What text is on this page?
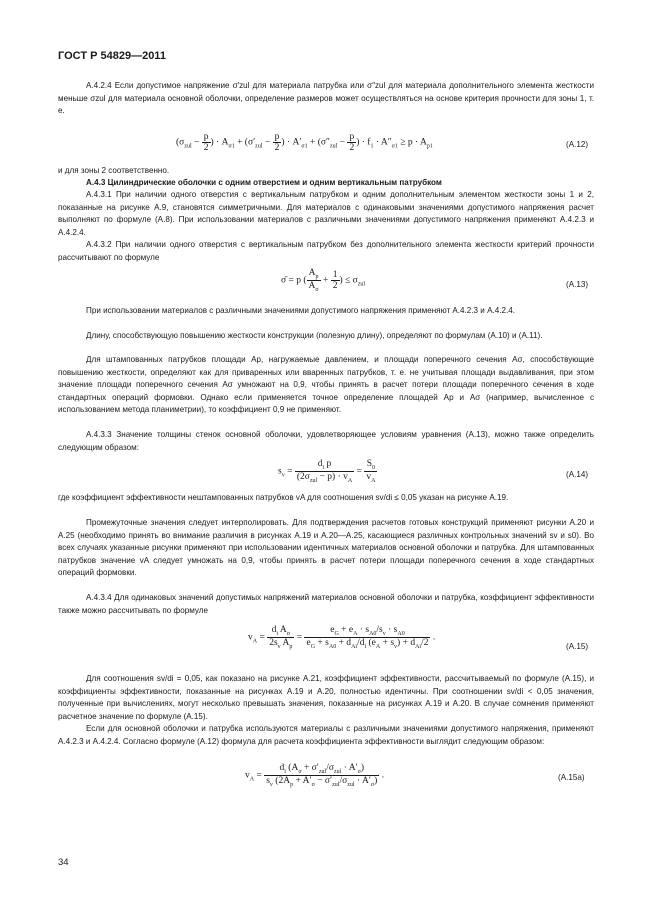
ГОСТ Р 54829—2011
А.4.2.4 Если допустимое напряжение σ′zul для материала патрубка или σ″zul для материала дополнительного элемента жесткости меньше σzul для материала основной оболочки, определение размеров может осуществляться на основе критерия прочности для зоны 1, т. е.
($\sigma_{zul} - \frac{p}{2}$ ) · $A_{\sigma 1} + (\sigma'_{zul} - \frac{p}{2}$ ) · $A'_{\sigma 1} + (\sigma''_{zul} - \frac{p}{2}$ ) · $f_1 \cdot A''_{\sigma 1} \ge p \cdot A_{p1}$	(А.12)
и для зоны 2 соответственно.
А.4.3 Цилиндрические оболочки с одним отверстием и одним вертикальным патрубком
А.4.3.1 При наличии одного отверстия с вертикальным патрубком и одним дополнительным элементом жесткости зоны 1 и 2, показанные на рисунке А.9, становятся симметричными. Для материалов с одинаковыми значениями допустимого напряжения расчет выполняют по формуле (А.8). При использовании материалов с различными значениями допустимого напряжения применяют А.4.2.3 и А.4.2.4.
А.4.3.2 При наличии одного отверстия с вертикальным патрубком без дополнительного элемента жесткости критерий прочности рассчитывают по формуле
σ̄ = p ( $\frac{A_p}{A_\sigma} + \frac{1}{2}$ ) ≤ $\sigma_{zul}$	(А.13)
При использовании материалов с различными значениями допустимого напряжения применяют А.4.2.3 и А.4.2.4.
Длину, способствующую повышению жесткости конструкции (полезную длину), определяют по формулам (А.10) и (А.11).
Для штампованных патрубков площади Ap, нагружаемые давлением, и площади поперечного сечения Aσ, способствующие повышению жесткости, определяют как для приваренных или вваренных патрубков, т. е. не учитывая площади выдавливания, при этом значение площади поперечного сечения Aσ умножают на 0,9, чтобы принять в расчет потери площади поперечного сечения в ходе стандартных операций формовки. Однако если применяется точное определение площадей Ap и Aσ (например, вычисленное с использованием метода планиметрии), то коэффициент 0,9 не применяют.
А.4.3.3 Значение толщины стенок основной оболочки, удовлетворяющее условиям уравнения (А.13), можно также определить следующим образом:
$s_v = \frac{d_i p}{(2\sigma_{zul} - p) \cdot v_A} = \frac{S_0}{v_A}$	(А.14)
где коэффициент эффективности нештампованных патрубков vA для соотношения sv/di ≤ 0,05 указан на рисунке А.19.
Промежуточные значения следует интерполировать. Для подтверждения расчетов готовых конструкций применяют рисунки А.20 и А.25 (необходимо принять во внимание различия в рисунках А.19 и А.20—А.25, касающиеся различных контрольных значений sv и s0). Во всех случаях указанные рисунки применяют при использовании идентичных материалов основной оболочки и патрубка. Для штампованных патрубков значение vA следует умножать на 0,9, чтобы принять в расчет потери площади поперечного сечения в ходе стандартных операций формовки.
А.4.3.4 Для одинаковых значений допустимых напряжений материалов основной оболочки и патрубка, коэффициент эффективности также можно рассчитывать по формуле
$v_A = \frac{d_i A_\sigma}{2s_v A_p} = \frac{e_G + e_A \cdot s_{A0}/s_v \cdot s_{A0}}{e_G + s_{A0} + d_{Ai}/d_i (e_A + s_v) + d_{Ai}/2}$ .
(А.15)
Для соотношения sv/di = 0,05, как показано на рисунке А.21, коэффициент эффективности, рассчитываемый по формуле (А.15), и коэффициенты эффективности, показанные на рисунках А.19 и А.20, полностью идентичны. При соотношении sv/di < 0,05 значения, полученные при вычислениях, могут несколько превышать значения, показанные на рисунках А.19 и А.20. В случае сомнения применяют расчетное значение по формуле (А.15).
Если для основной оболочки и патрубка используются материалы с различными значениями допустимого напряжения, применяют А.4.2.3 и А.4.2.4. Согласно формуле (А.12) формула для расчета коэффициента эффективности выглядит следующим образом:
$v_A = \frac{d_i (A_\sigma + \sigma'_{zul}/\sigma_{zul} \cdot A'_\sigma)}{s_v (2A_p + A'_\sigma - \sigma'_{zul}/\sigma_{zul} \cdot A'_\sigma)}$ .	(А.15а)
34
